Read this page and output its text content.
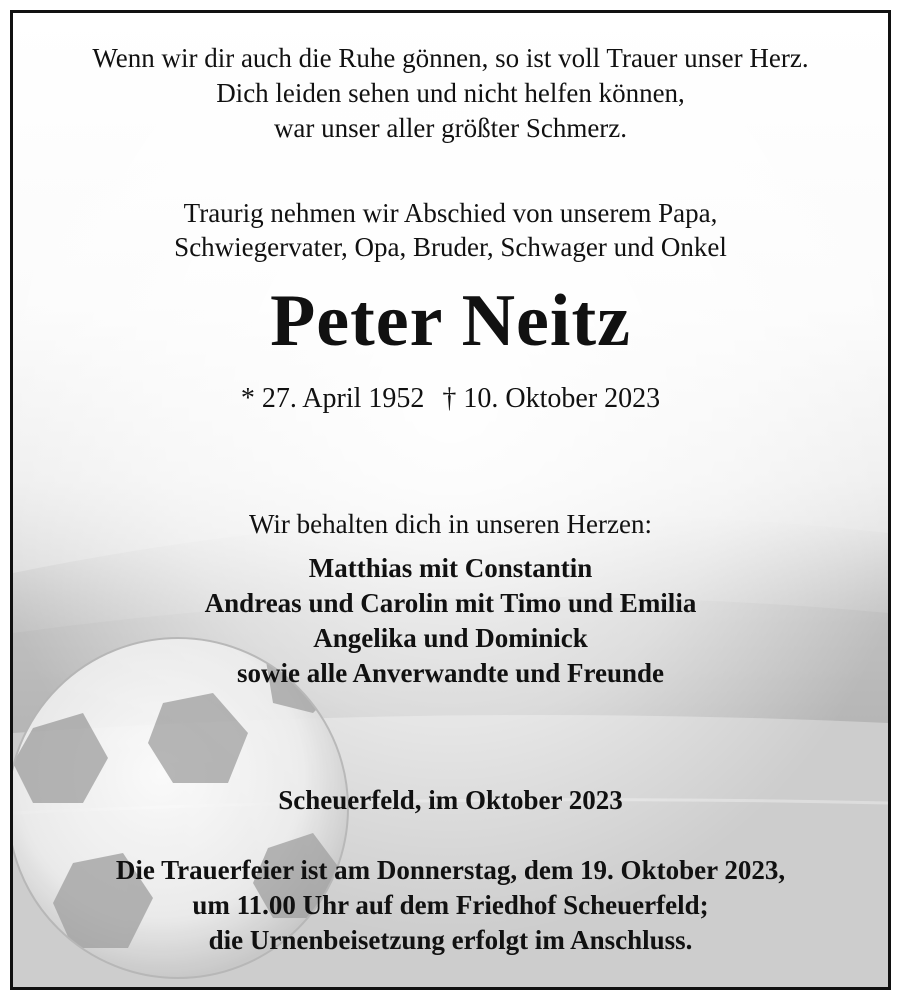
Wenn wir dir auch die Ruhe gönnen, so ist voll Trauer unser Herz.
Dich leiden sehen und nicht helfen können,
war unser aller größter Schmerz.
Traurig nehmen wir Abschied von unserem Papa,
Schwiegervater, Opa, Bruder, Schwager und Onkel
Peter Neitz
* 27. April 1952 † 10. Oktober 2023
Wir behalten dich in unseren Herzen:
Matthias mit Constantin
Andreas und Carolin mit Timo und Emilia
Angelika und Dominick
sowie alle Anverwandte und Freunde
Scheuerfeld, im Oktober 2023
Die Trauerfeier ist am Donnerstag, dem 19. Oktober 2023,
um 11.00 Uhr auf dem Friedhof Scheuerfeld;
die Urnenbeisetzung erfolgt im Anschluss.
